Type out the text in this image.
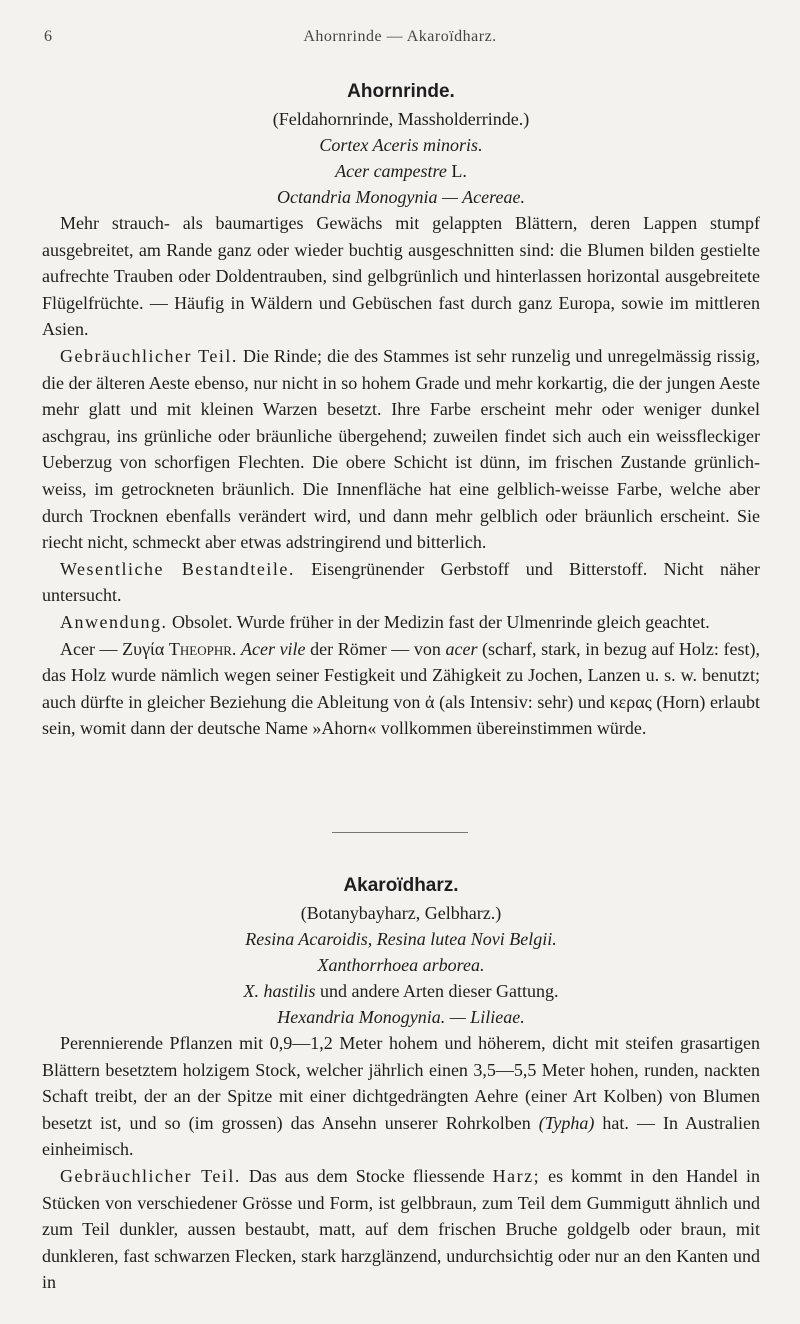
6	Ahornrinde — Akaroïdharz.
Ahornrinde.
(Feldahornrinde, Massholderrinde.)
Cortex Aceris minoris.
Acer campestre L.
Octandria Monogynia — Acereae.

Mehr strauch- als baumartiges Gewächs mit gelappten Blättern, deren Lappen stumpf ausgebreitet, am Rande ganz oder wieder buchtig ausgeschnitten sind: die Blumen bilden gestielte aufrechte Trauben oder Doldentrauben, sind gelbgrünlich und hinterlassen horizontal ausgebreitete Flügelfrüchte. — Häufig in Wäldern und Gebüschen fast durch ganz Europa, sowie im mittleren Asien.

Gebräuchlicher Teil. Die Rinde; die des Stammes ist sehr runzelig und unregelmässig rissig, die der älteren Aeste ebenso, nur nicht in so hohem Grade und mehr korkartig, die der jungen Aeste mehr glatt und mit kleinen Warzen besetzt. Ihre Farbe erscheint mehr oder weniger dunkel aschgrau, ins grünliche oder bräunliche übergehend; zuweilen findet sich auch ein weissfleckiger Ueberzug von schorfigen Flechten. Die obere Schicht ist dünn, im frischen Zustande grünlich-weiss, im getrockneten bräunlich. Die Innenfläche hat eine gelblich-weisse Farbe, welche aber durch Trocknen ebenfalls verändert wird, und dann mehr gelblich oder bräunlich erscheint. Sie riecht nicht, schmeckt aber etwas adstringirend und bitterlich.

Wesentliche Bestandteile. Eisengrünender Gerbstoff und Bitterstoff. Nicht näher untersucht.

Anwendung. Obsolet. Wurde früher in der Medizin fast der Ulmenrinde gleich geachtet.

Acer — Ζυγία Theophr. Acer vile der Römer — von acer (scharf, stark, in bezug auf Holz: fest), das Holz wurde nämlich wegen seiner Festigkeit und Zähigkeit zu Jochen, Lanzen u. s. w. benutzt; auch dürfte in gleicher Beziehung die Ableitung von ἀ (als Intensiv: sehr) und κερας (Horn) erlaubt sein, womit dann der deutsche Name »Ahorn« vollkommen übereinstimmen würde.

Akaroïdharz.
(Botanybayharz, Gelbharz.)
Resina Acaroidis, Resina lutea Novi Belgii.
Xanthorrhoea arborea.
X. hastilis und andere Arten dieser Gattung.
Hexandria Monogynia. — Lilieae.

Perennierende Pflanzen mit 0,9—1,2 Meter hohem und höherem, dicht mit steifen grasartigen Blättern besetztem holzigem Stock, welcher jährlich einen 3,5—5,5 Meter hohen, runden, nackten Schaft treibt, der an der Spitze mit einer dichtgedrängten Aehre (einer Art Kolben) von Blumen besetzt ist, und so (im grossen) das Ansehn unserer Rohrkolben (Typha) hat. — In Australien einheimisch.

Gebräuchlicher Teil. Das aus dem Stocke fliessende Harz; es kommt in den Handel in Stücken von verschiedener Grösse und Form, ist gelbbraun, zum Teil dem Gummigutt ähnlich und zum Teil dunkler, aussen bestaubt, matt, auf dem frischen Bruche goldgelb oder braun, mit dunkleren, fast schwarzen Flecken, stark harzglänzend, undurchsichtig oder nur an den Kanten und in
